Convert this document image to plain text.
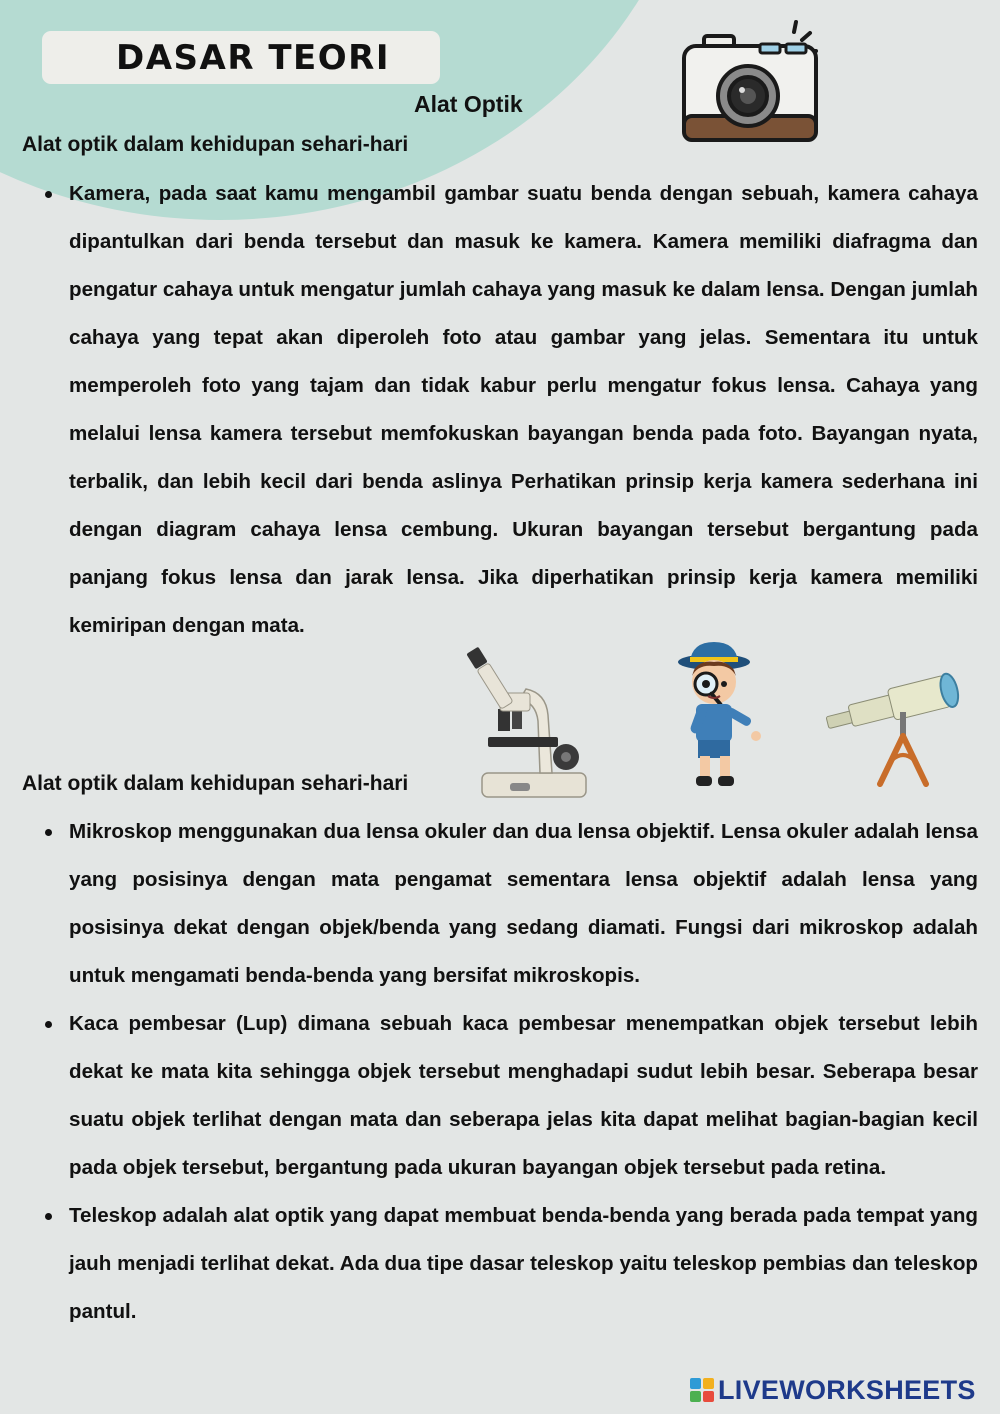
DASAR TEORI
Alat Optik
Alat optik dalam kehidupan sehari-hari
Kamera, pada saat kamu mengambil gambar suatu benda dengan sebuah, kamera cahaya dipantulkan dari benda tersebut dan masuk ke kamera. Kamera memiliki diafragma dan pengatur cahaya untuk mengatur jumlah cahaya yang masuk ke dalam lensa. Dengan jumlah cahaya yang tepat akan diperoleh foto atau gambar yang jelas. Sementara itu untuk memperoleh foto yang tajam dan tidak kabur perlu mengatur fokus lensa. Cahaya yang melalui lensa kamera tersebut memfokuskan bayangan benda pada foto. Bayangan nyata, terbalik, dan lebih kecil dari benda aslinya Perhatikan prinsip kerja kamera sederhana ini dengan diagram cahaya lensa cembung. Ukuran bayangan tersebut bergantung pada panjang fokus lensa dan jarak lensa. Jika diperhatikan prinsip kerja kamera memiliki kemiripan dengan mata.
Alat optik dalam kehidupan sehari-hari
Mikroskop menggunakan dua lensa okuler dan dua lensa objektif. Lensa okuler adalah lensa yang posisinya dengan mata pengamat sementara lensa objektif adalah lensa yang posisinya dekat dengan objek/benda yang sedang diamati. Fungsi dari mikroskop adalah untuk mengamati benda-benda yang bersifat mikroskopis.
Kaca pembesar (Lup) dimana sebuah kaca pembesar menempatkan objek tersebut lebih dekat ke mata kita sehingga objek tersebut menghadapi sudut lebih besar. Seberapa besar suatu objek terlihat dengan mata dan seberapa jelas kita dapat melihat bagian-bagian kecil pada objek tersebut, bergantung pada ukuran bayangan objek tersebut pada retina.
Teleskop adalah alat optik yang dapat membuat benda-benda yang berada pada tempat yang jauh menjadi terlihat dekat. Ada dua tipe dasar teleskop yaitu teleskop pembias dan teleskop pantul.
LIVEWORKSHEETS
